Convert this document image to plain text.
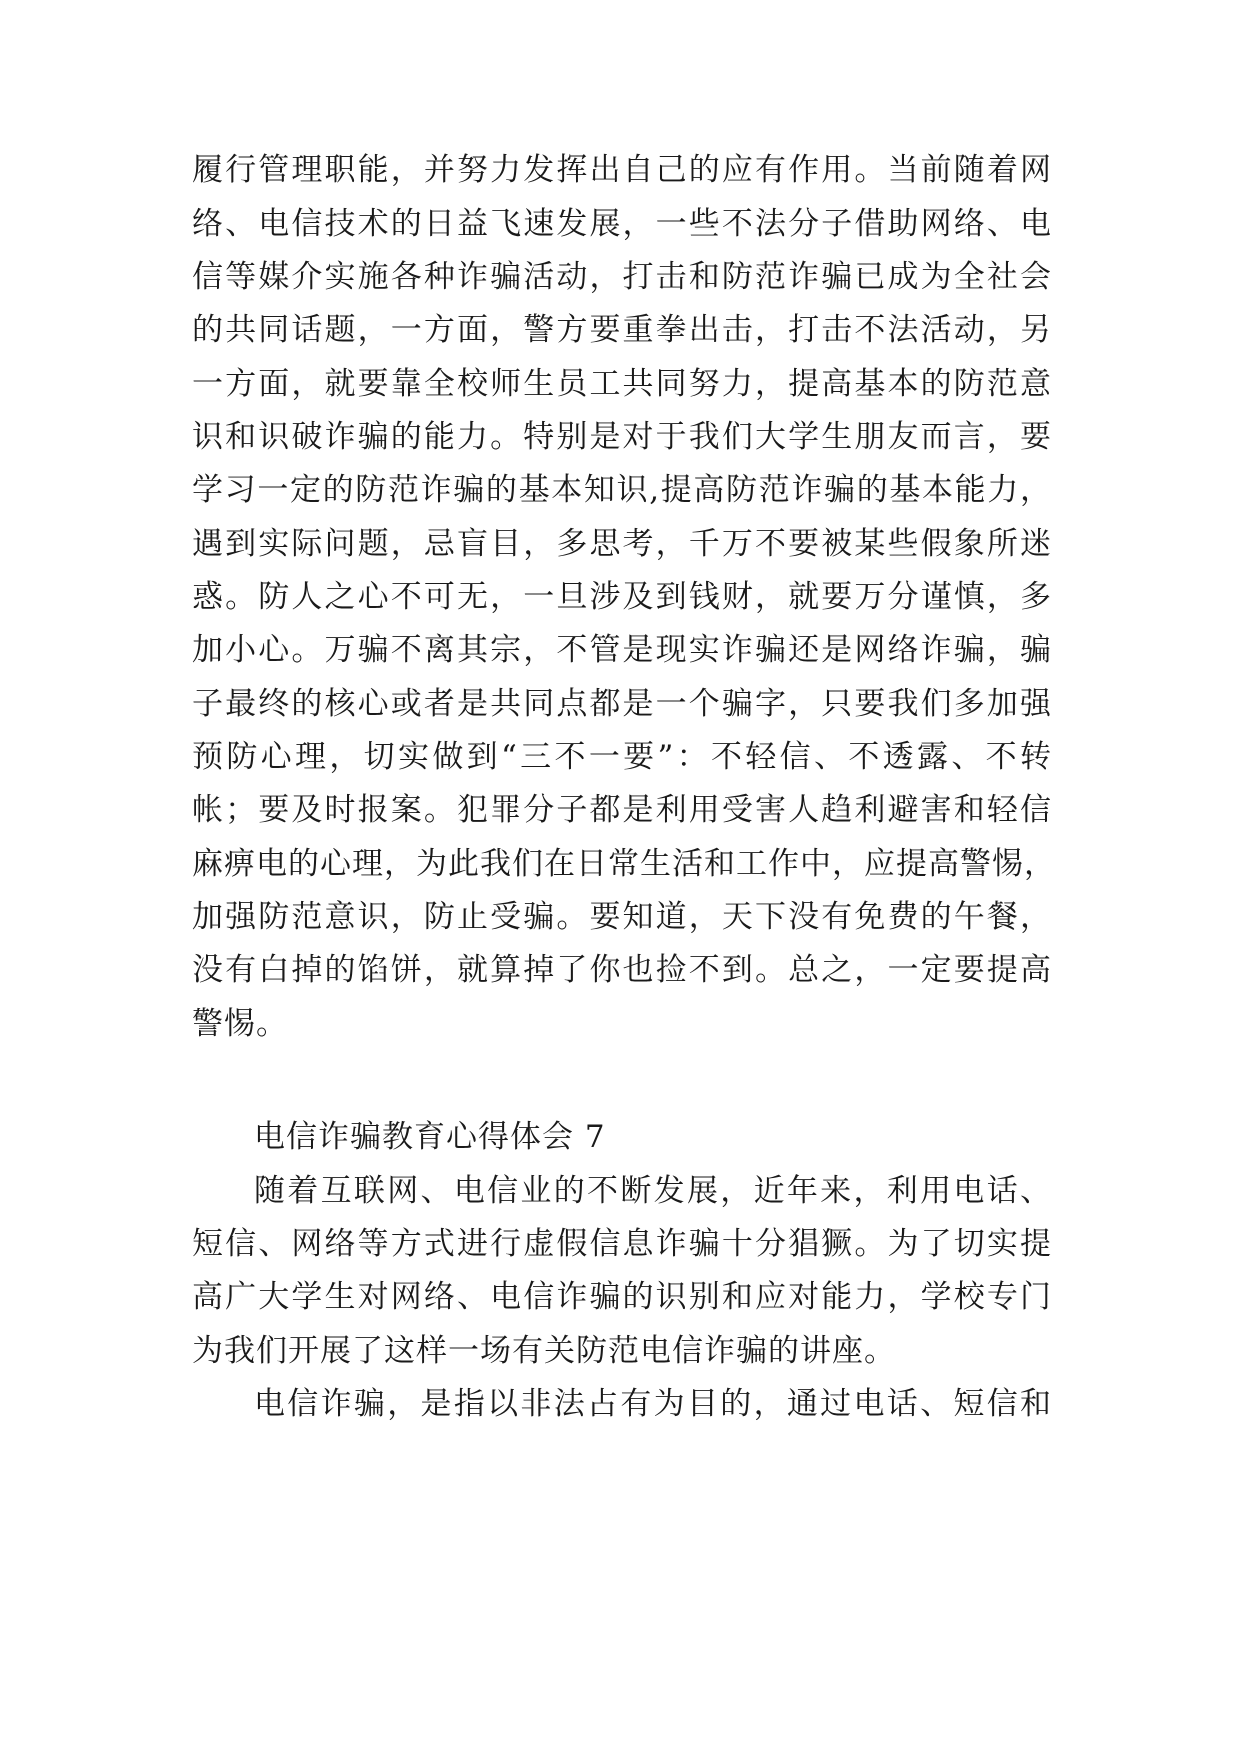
履行管理职能，并努力发挥出自己的应有作用。当前随着网
络、电信技术的日益飞速发展，一些不法分子借助网络、电
信等媒介实施各种诈骗活动，打击和防范诈骗已成为全社会
的共同话题，一方面，警方要重拳出击，打击不法活动，另
一方面，就要靠全校师生员工共同努力，提高基本的防范意
识和识破诈骗的能力。特别是对于我们大学生朋友而言，要
学习一定的防范诈骗的基本知识,提高防范诈骗的基本能力，
遇到实际问题，忌盲目，多思考，千万不要被某些假象所迷
惑。防人之心不可无，一旦涉及到钱财，就要万分谨慎，多
加小心。万骗不离其宗，不管是现实诈骗还是网络诈骗，骗
子最终的核心或者是共同点都是一个骗字，只要我们多加强
预防心理，切实做到“三不一要”：不轻信、不透露、不转
帐；要及时报案。犯罪分子都是利用受害人趋利避害和轻信
麻痹电的心理，为此我们在日常生活和工作中，应提高警惕，
加强防范意识，防止受骗。要知道，天下没有免费的午餐，
没有白掉的馅饼，就算掉了你也捡不到。总之，一定要提高
警惕。
电信诈骗教育心得体会 7
随着互联网、电信业的不断发展，近年来，利用电话、
短信、网络等方式进行虚假信息诈骗十分猖獗。为了切实提
高广大学生对网络、电信诈骗的识别和应对能力，学校专门
为我们开展了这样一场有关防范电信诈骗的讲座。
电信诈骗，是指以非法占有为目的，通过电话、短信和
